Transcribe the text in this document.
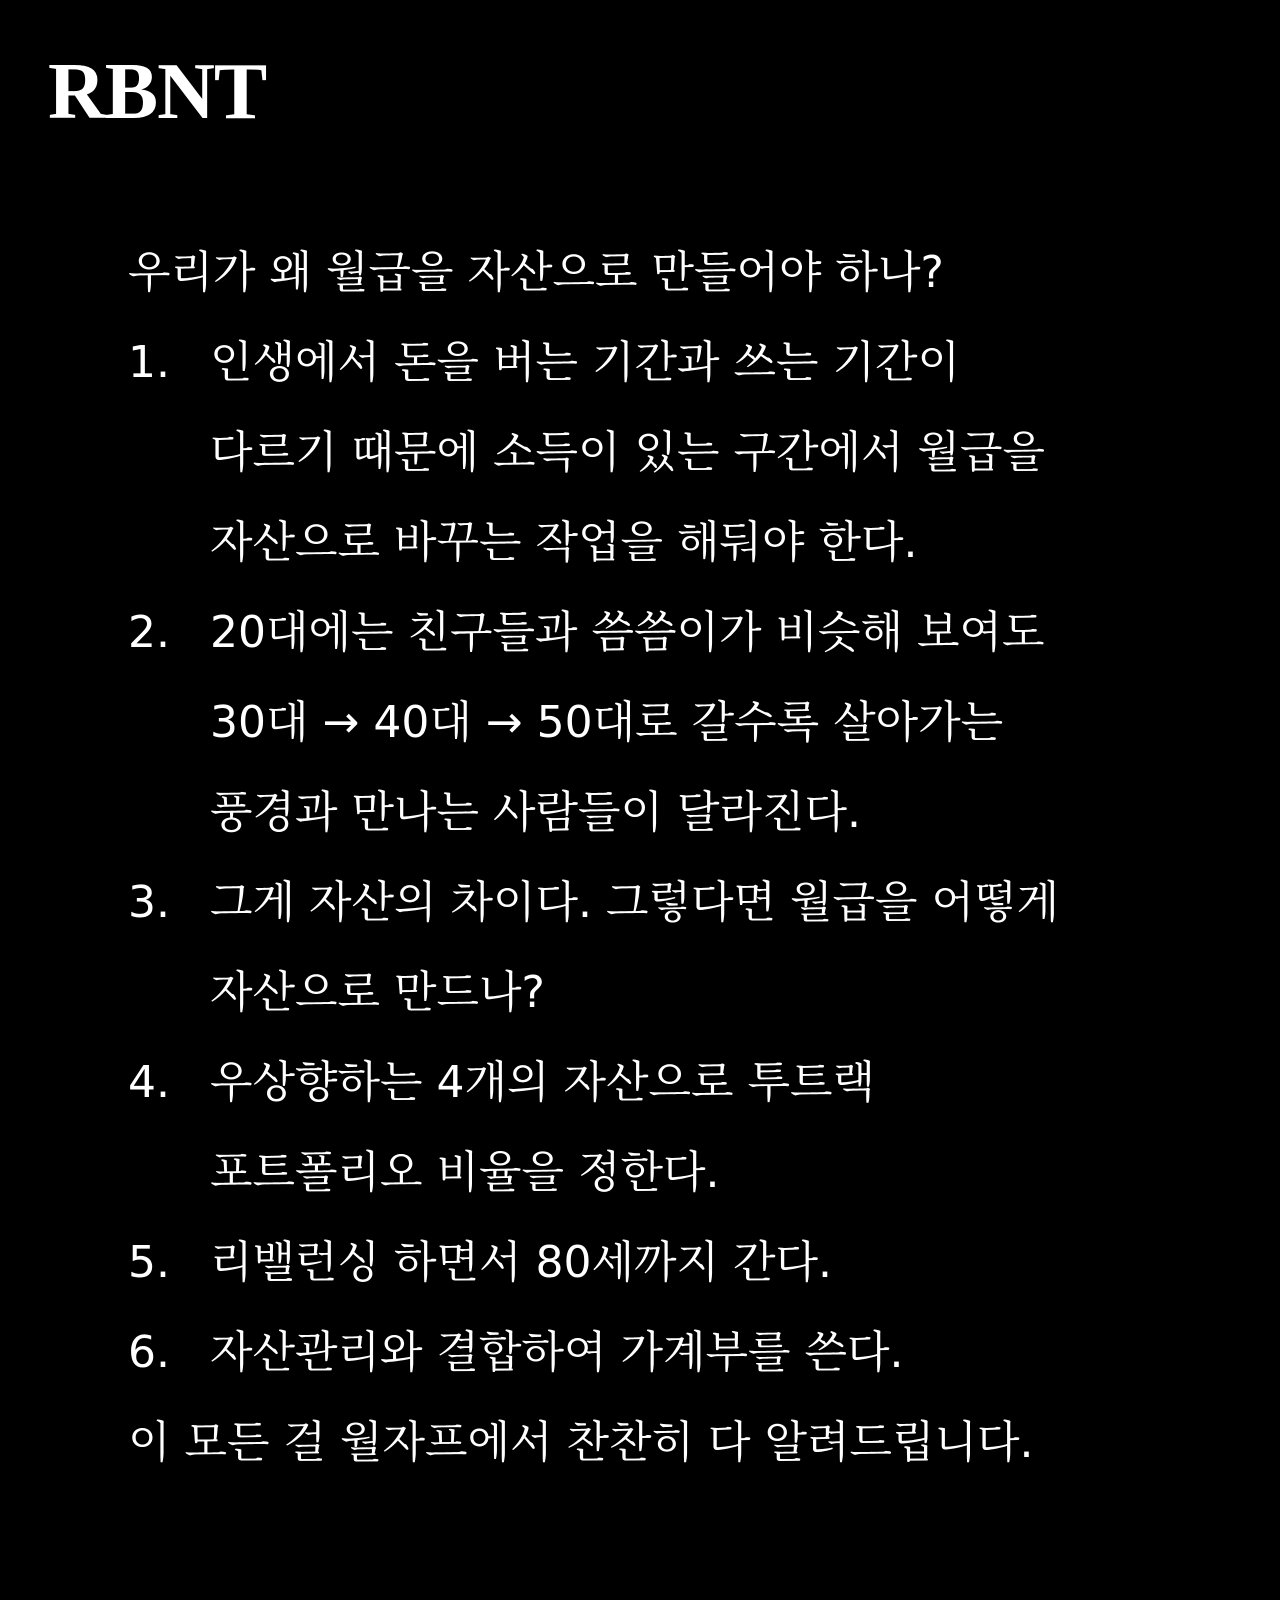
RBNT

우리가 왜 월급을 자산으로 만들어야 하나?

1. 인생에서 돈을 버는 기간과 쓰는 기간이 다르기 때문에 소득이 있는 구간에서 월급을 자산으로 바꾸는 작업을 해둬야 한다.
2. 20대에는 친구들과 씀씀이가 비슷해 보여도 30대 → 40대 → 50대로 갈수록 살아가는 풍경과 만나는 사람들이 달라진다.
3. 그게 자산의 차이다. 그렇다면 월급을 어떻게 자산으로 만드나?
4. 우상향하는 4개의 자산으로 투트랙 포트폴리오 비율을 정한다.
5. 리밸런싱 하면서 80세까지 간다.
6. 자산관리와 결합하여 가계부를 쓴다.

이 모든 걸 월자프에서 찬찬히 다 알려드립니다.
